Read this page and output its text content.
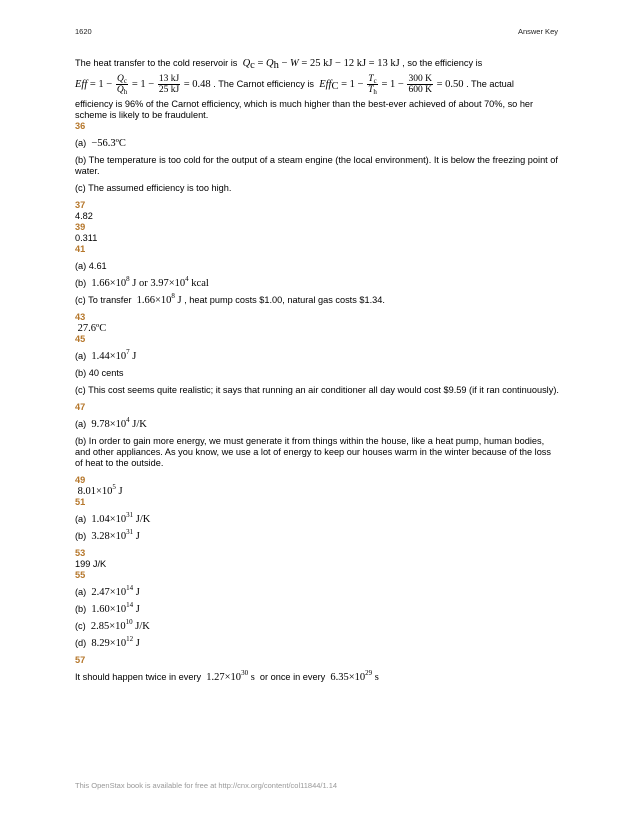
1620	Answer Key

The heat transfer to the cold reservoir is  $Q_c = Q_h - W = 25$ kJ − 12 kJ = 13 kJ , so the efficiency is

Eff = $1 - \frac{Q_c}{Q_h} = 1 - \frac{13 kJ}{25 kJ} = 0.48$ . The Carnot efficiency is  $Eff_C = 1 - \frac{T_c}{T_h} = 1 - \frac{300 K}{600 K} = 0.50$ . The actual

efficiency is 96% of the Carnot efficiency, which is much higher than the best-ever achieved of about 70%, so her scheme is likely to be fraudulent.

36

(a) −56.3ºC

(b) The temperature is too cold for the output of a steam engine (the local environment). It is below the freezing point of water.

(c) The assumed efficiency is too high.

37

4.82

39

0.311

41

(a) 4.61

(b) $1.66\times 10^8$ J or $3.97\times 10^4$ kcal

(c) To transfer $1.66\times 10^8$ J , heat pump costs $1.00, natural gas costs $1.34.

43

27.6ºC

45

(a) $1.44\times 10^7$ J

(b) 40 cents

(c) This cost seems quite realistic; it says that running an air conditioner all day would cost $9.59 (if it ran continuously).

47

(a) $9.78\times 10^4$ J/K

(b) In order to gain more energy, we must generate it from things within the house, like a heat pump, human bodies, and other appliances. As you know, we use a lot of energy to keep our houses warm in the winter because of the loss of heat to the outside.

49

$8.01\times 10^5$ J

51

(a) $1.04\times 10^{31}$ J/K

(b) $3.28\times 10^{31}$ J

53

199 J/K

55

(a) $2.47\times 10^{14}$ J

(b) $1.60\times 10^{14}$ J

(c) $2.85\times 10^{10}$ J/K

(d) $8.29\times 10^{12}$ J

57

It should happen twice in every $1.27\times 10^{30}$ s or once in every $6.35\times 10^{29}$ s

This OpenStax book is available for free at http://cnx.org/content/col11844/1.14
